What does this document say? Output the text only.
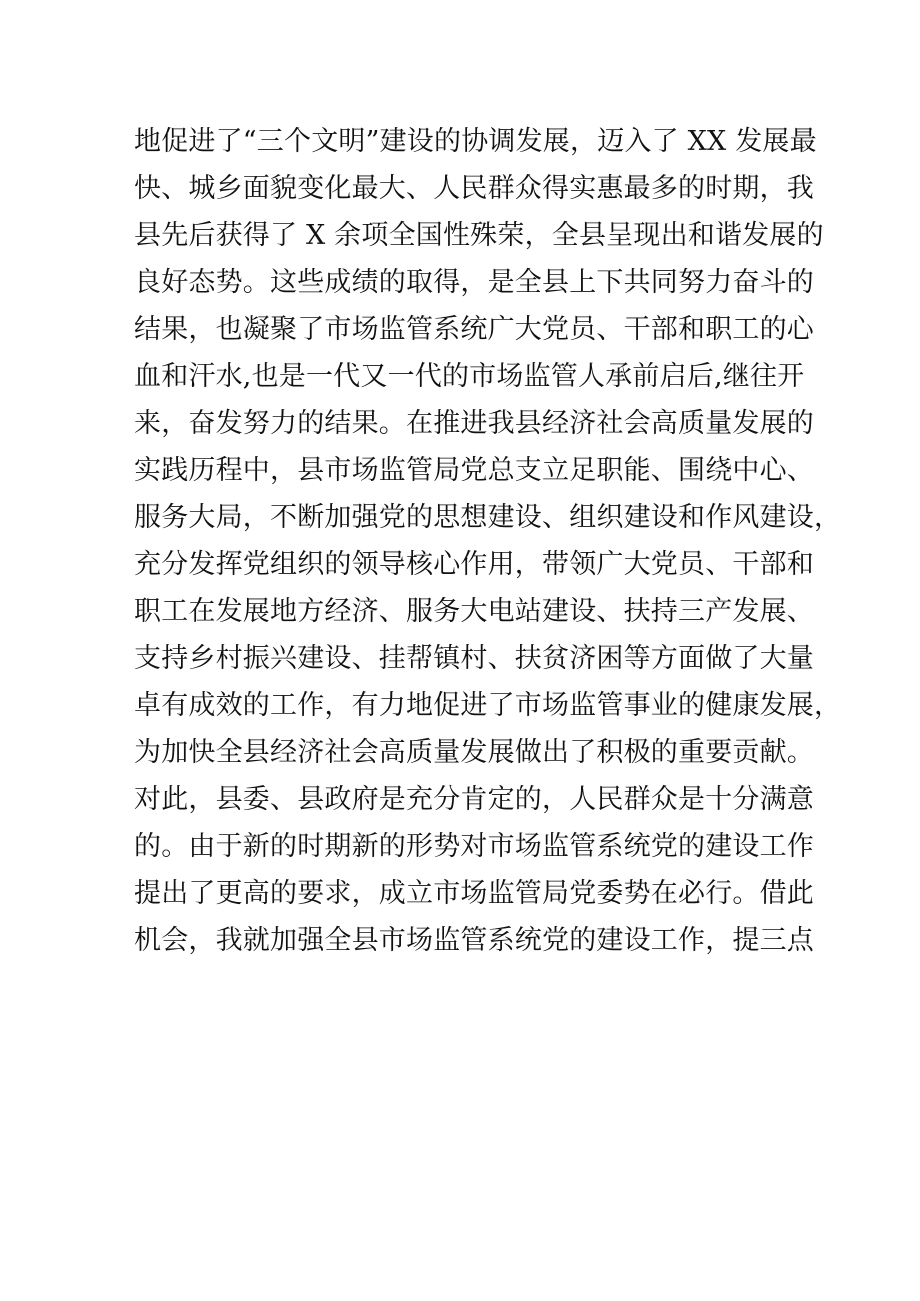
地促进了“三个文明”建设的协调发展，迈入了 XX 发展最
快、城乡面貌变化最大、人民群众得实惠最多的时期，我
县先后获得了 X 余项全国性殊荣，全县呈现出和谐发展的
良好态势。这些成绩的取得，是全县上下共同努力奋斗的
结果，也凝聚了市场监管系统广大党员、干部和职工的心
血和汗水,也是一代又一代的市场监管人承前启后,继往开
来，奋发努力的结果。在推进我县经济社会高质量发展的
实践历程中，县市场监管局党总支立足职能、围绕中心、
服务大局，不断加强党的思想建设、组织建设和作风建设，
充分发挥党组织的领导核心作用，带领广大党员、干部和
职工在发展地方经济、服务大电站建设、扶持三产发展、
支持乡村振兴建设、挂帮镇村、扶贫济困等方面做了大量
卓有成效的工作，有力地促进了市场监管事业的健康发展，
为加快全县经济社会高质量发展做出了积极的重要贡献。
对此，县委、县政府是充分肯定的，人民群众是十分满意
的。由于新的时期新的形势对市场监管系统党的建设工作
提出了更高的要求，成立市场监管局党委势在必行。借此
机会，我就加强全县市场监管系统党的建设工作，提三点
